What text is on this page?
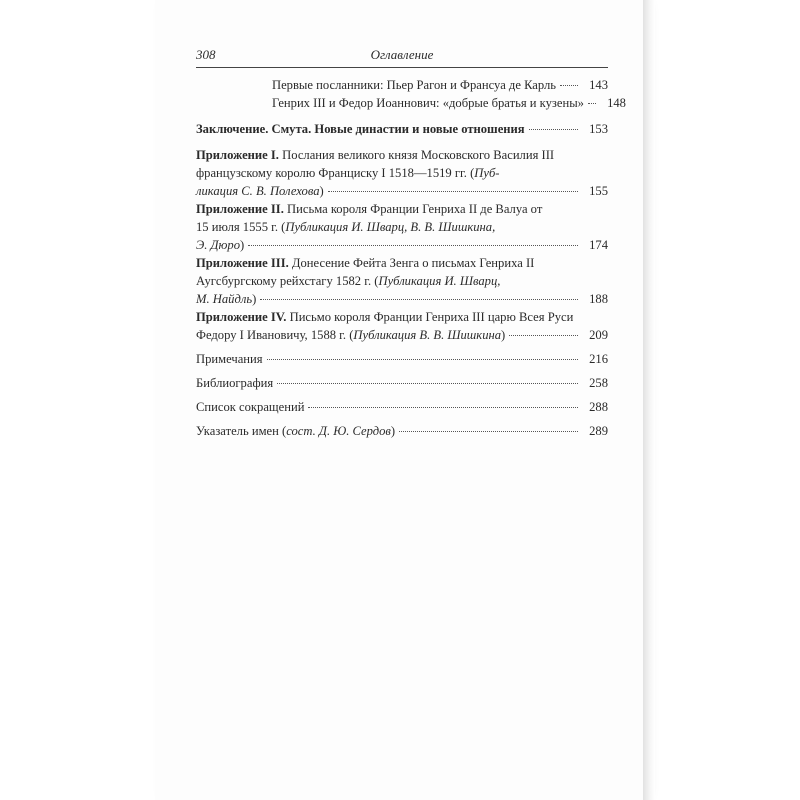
308	Оглавление
Первые посланники: Пьер Рагон и Франсуа де Карль	143
Генрих III и Федор Иоаннович: «добрые братья и кузены»	148
Заключение. Смута. Новые династии и новые отношения	153
Приложение I. Послания великого князя Московского Василия III
французскому королю Франциску I 1518—1519 гг. (Пуб-
ликация С. В. Полехова)	155
Приложение II. Письма короля Франции Генриха II де Валуа от
15 июля 1555 г. (Публикация И. Шварц, В. В. Шишкина,
Э. Дюро)	174
Приложение III. Донесение Фейта Зенга о письмах Генриха II
Аугсбургскому рейхстагу 1582 г. (Публикация И. Шварц,
М. Найдль)	188
Приложение IV. Письмо короля Франции Генриха III царю Всея Руси
Федору I Ивановичу, 1588 г. (Публикация В. В. Шишкина)	209
Примечания	216
Библиография	258
Список сокращений	288
Указатель имен (сост. Д. Ю. Сердов)	289
